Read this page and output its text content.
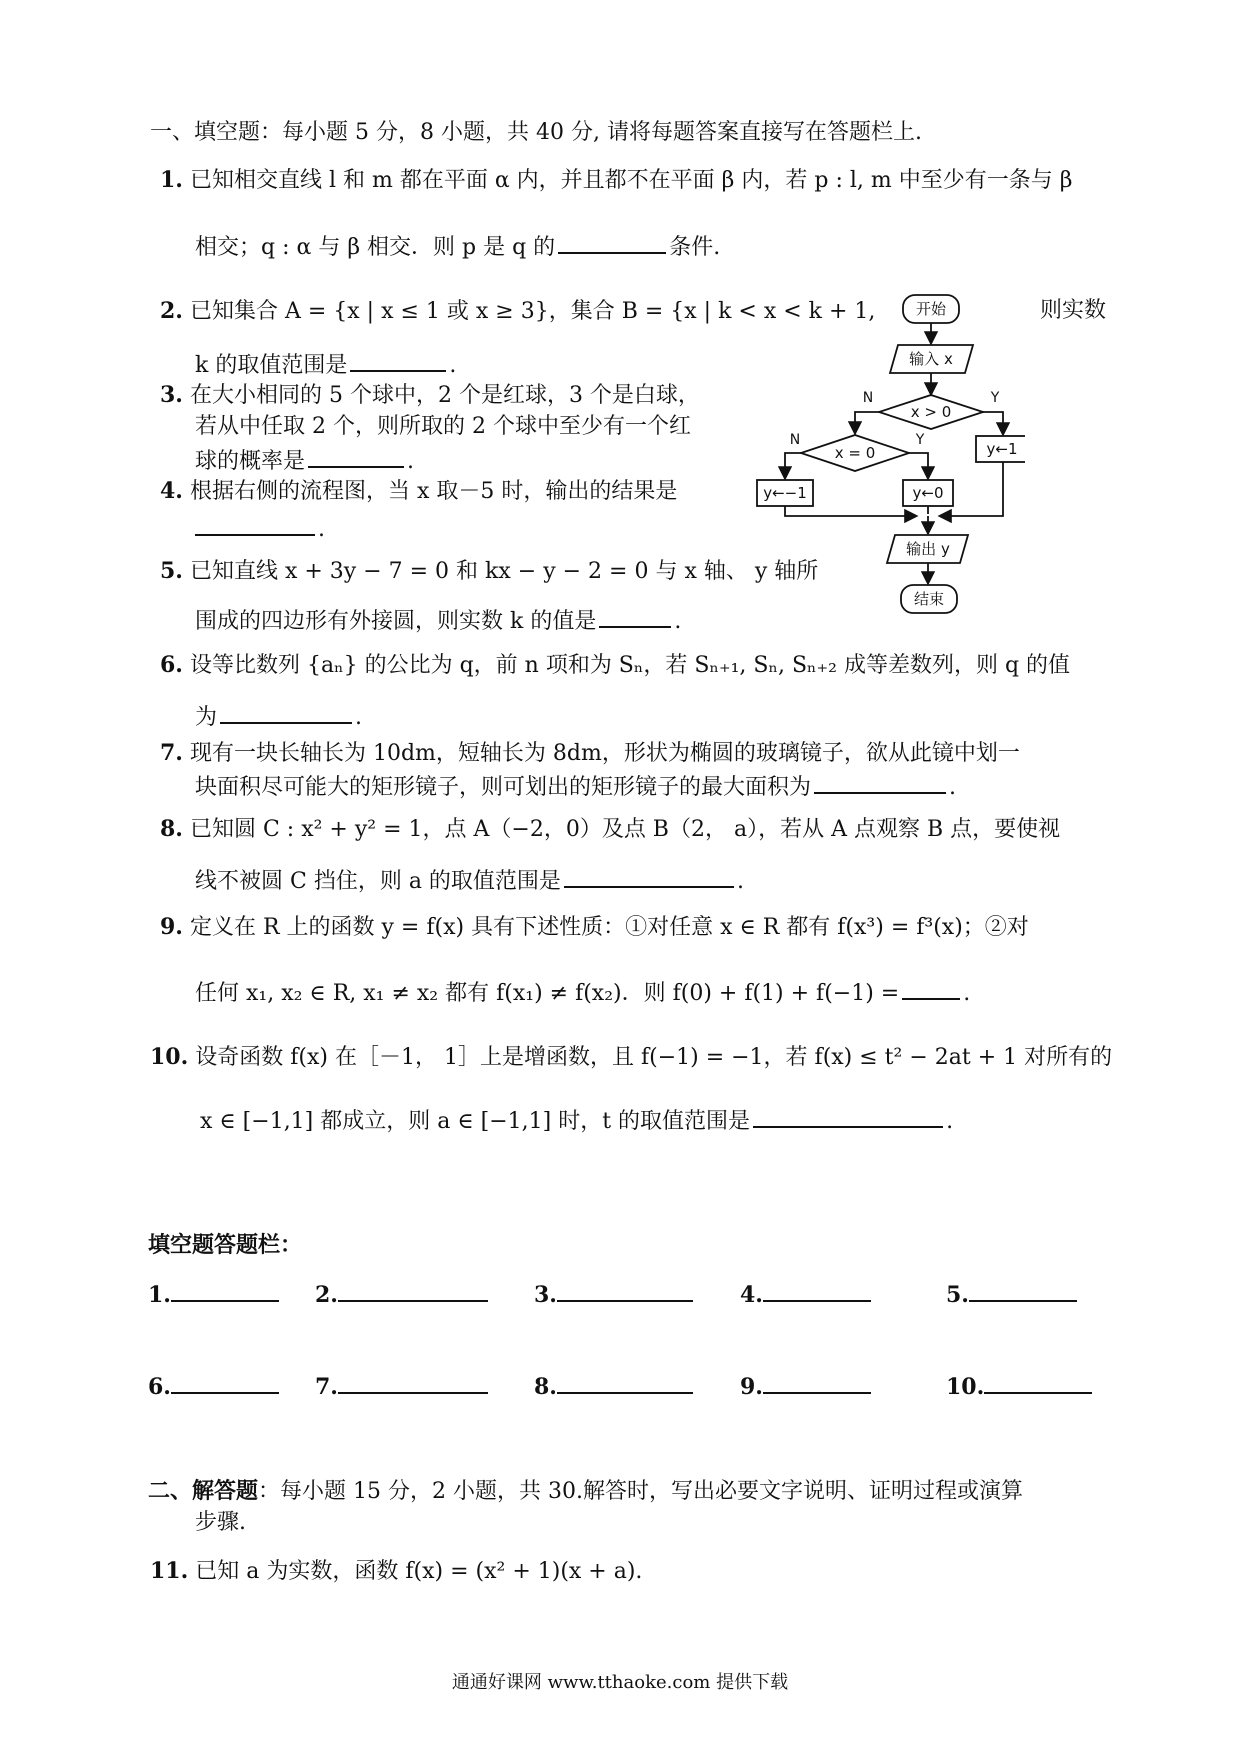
一、填空题：每小题 5 分，8 小题，共 40 分, 请将每题答案直接写在答题栏上.
1. 已知相交直线 l 和 m 都在平面 α 内，并且都不在平面 β 内，若 p : l, m 中至少有一条与 β
相交；q : α 与 β 相交．则 p 是 q 的	条件.
2. 已知集合 A = {x | x ≤ 1 或 x ≥ 3}，集合 B = {x | k < x < k + 1,	则实数
k 的取值范围是	.
3. 在大小相同的 5 个球中，2 个是红球，3 个是白球，
若从中任取 2 个，则所取的 2 个球中至少有一个红
球的概率是	.
4. 根据右侧的流程图，当 x 取－5 时，输出的结果是
.
5. 已知直线 x + 3y − 7 = 0 和 kx − y − 2 = 0 与 x 轴、 y 轴所
围成的四边形有外接圆，则实数 k 的值是	.
开始
输入 x
x > 0
x = 0	y←1
y←0
y←−1
输出 y
结束
N	Y
N	Y
6. 设等比数列 {aₙ} 的公比为 q，前 n 项和为 Sₙ，若 Sₙ₊₁, Sₙ, Sₙ₊₂ 成等差数列，则 q 的值
为	.
7. 现有一块长轴长为 10dm，短轴长为 8dm，形状为椭圆的玻璃镜子，欲从此镜中划一
块面积尽可能大的矩形镜子，则可划出的矩形镜子的最大面积为	.
8. 已知圆 C : x² + y² = 1，点 A（−2，0）及点 B（2， a），若从 A 点观察 B 点，要使视
线不被圆 C 挡住，则 a 的取值范围是	.
9. 定义在 R 上的函数 y = f(x) 具有下述性质：①对任意 x ∈ R 都有 f(x³) = f³(x)；②对
任何 x₁, x₂ ∈ R, x₁ ≠ x₂ 都有 f(x₁) ≠ f(x₂)．则 f(0) + f(1) + f(−1) =	.
10. 设奇函数 f(x) 在［－1， 1］上是增函数，且 f(−1) = −1，若 f(x) ≤ t² − 2at + 1 对所有的
x ∈ [−1,1] 都成立，则 a ∈ [−1,1] 时，t 的取值范围是	.
填空题答题栏：
1.	2.	3.	4.	5.
6.	7.	8.	9.	10.
二、解答题：每小题 15 分，2 小题，共 30.解答时，写出必要文字说明、证明过程或演算
步骤.
11. 已知 a 为实数，函数 f(x) = (x² + 1)(x + a).
通通好课网 www.tthaoke.com 提供下载
